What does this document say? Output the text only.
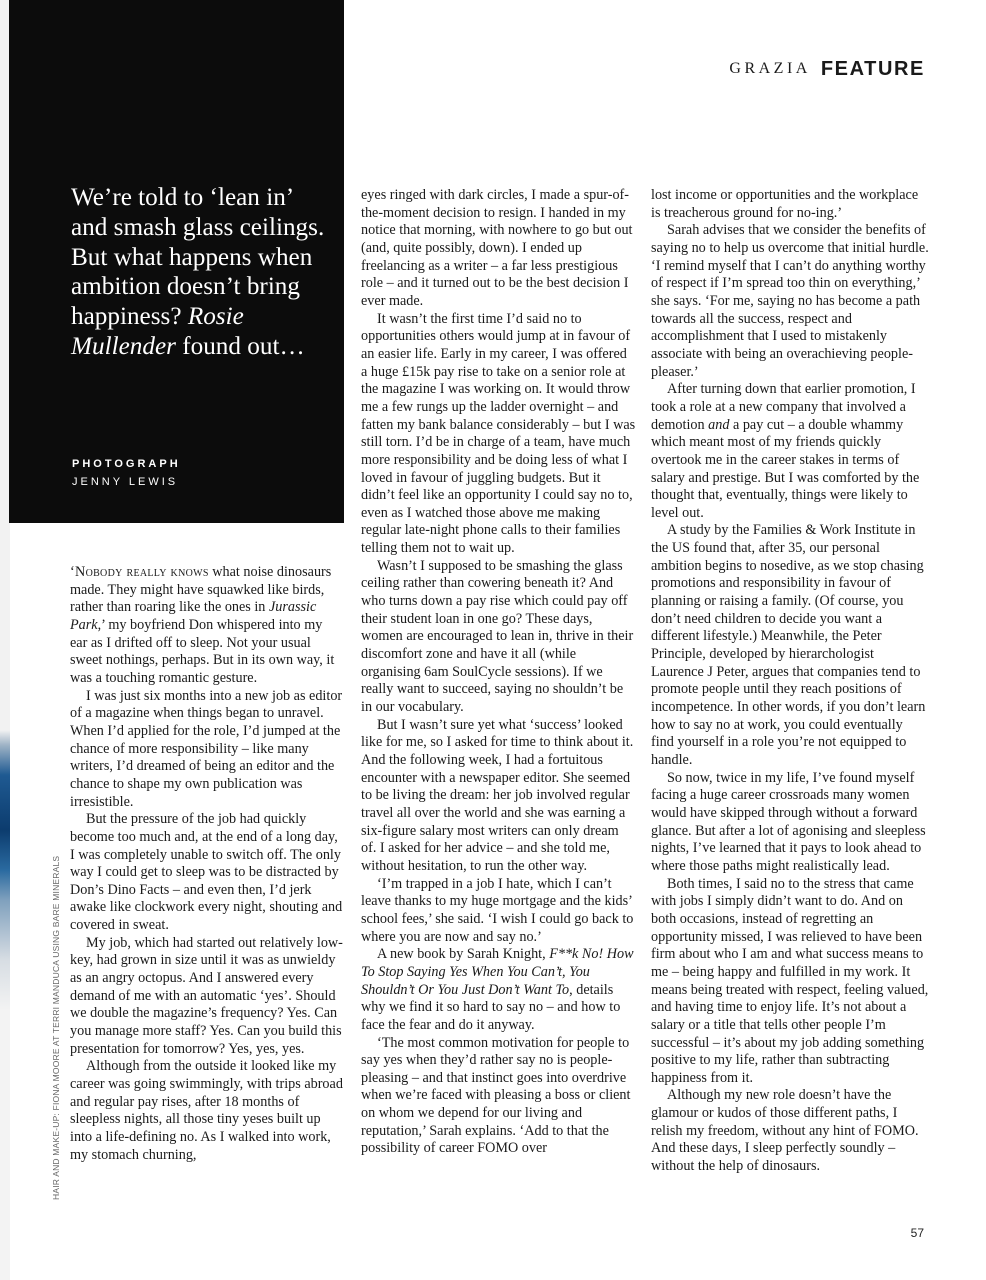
We’re told to ‘lean in’ and smash glass ceilings. But what happens when ambition doesn’t bring happiness? Rosie Mullender found out…
PHOTOGRAPH
JENNY LEWIS
GRAZIA FEATURE

‘Nobody really knows what noise dinosaurs made. They might have squawked like birds, rather than roaring like the ones in Jurassic Park,’ my boyfriend Don whispered into my ear as I drifted off to sleep. Not your usual sweet nothings, perhaps. But in its own way, it was a touching romantic gesture.

I was just six months into a new job as editor of a magazine when things began to unravel. When I’d applied for the role, I’d jumped at the chance of more responsibility – like many writers, I’d dreamed of being an editor and the chance to shape my own publication was irresistible.

But the pressure of the job had quickly become too much and, at the end of a long day, I was completely unable to switch off. The only way I could get to sleep was to be distracted by Don’s Dino Facts – and even then, I’d jerk awake like clockwork every night, shouting and covered in sweat.

My job, which had started out relatively low-key, had grown in size until it was as unwieldy as an angry octopus. And I answered every demand of me with an automatic ‘yes’. Should we double the magazine’s frequency? Yes. Can you manage more staff? Yes. Can you build this presentation for tomorrow? Yes, yes, yes.

Although from the outside it looked like my career was going swimmingly, with trips abroad and regular pay rises, after 18 months of sleepless nights, all those tiny yeses built up into a life-defining no. As I walked into work, my stomach churning,

eyes ringed with dark circles, I made a spur-of-the-moment decision to resign. I handed in my notice that morning, with nowhere to go but out (and, quite possibly, down). I ended up freelancing as a writer – a far less prestigious role – and it turned out to be the best decision I ever made.

It wasn’t the first time I’d said no to opportunities others would jump at in favour of an easier life. Early in my career, I was offered a huge £15k pay rise to take on a senior role at the magazine I was working on. It would throw me a few rungs up the ladder overnight – and fatten my bank balance considerably – but I was still torn. I’d be in charge of a team, have much more responsibility and be doing less of what I loved in favour of juggling budgets. But it didn’t feel like an opportunity I could say no to, even as I watched those above me making regular late-night phone calls to their families telling them not to wait up.

Wasn’t I supposed to be smashing the glass ceiling rather than cowering beneath it? And who turns down a pay rise which could pay off their student loan in one go? These days, women are encouraged to lean in, thrive in their discomfort zone and have it all (while organising 6am SoulCycle sessions). If we really want to succeed, saying no shouldn’t be in our vocabulary.

But I wasn’t sure yet what ‘success’ looked like for me, so I asked for time to think about it. And the following week, I had a fortuitous encounter with a newspaper editor. She seemed to be living the dream: her job involved regular travel all over the world and she was earning a six-figure salary most writers can only dream of. I asked for her advice – and she told me, without hesitation, to run the other way.

‘I’m trapped in a job I hate, which I can’t leave thanks to my huge mortgage and the kids’ school fees,’ she said. ‘I wish I could go back to where you are now and say no.’

A new book by Sarah Knight, F**k No! How To Stop Saying Yes When You Can’t, You Shouldn’t Or You Just Don’t Want To, details why we find it so hard to say no – and how to face the fear and do it anyway.

‘The most common motivation for people to say yes when they’d rather say no is people-pleasing – and that instinct goes into overdrive when we’re faced with pleasing a boss or client on whom we depend for our living and reputation,’ Sarah explains. ‘Add to that the possibility of career FOMO over

lost income or opportunities and the workplace is treacherous ground for no-ing.’

Sarah advises that we consider the benefits of saying no to help us overcome that initial hurdle. ‘I remind myself that I can’t do anything worthy of respect if I’m spread too thin on everything,’ she says. ‘For me, saying no has become a path towards all the success, respect and accomplishment that I used to mistakenly associate with being an overachieving people-pleaser.’

After turning down that earlier promotion, I took a role at a new company that involved a demotion and a pay cut – a double whammy which meant most of my friends quickly overtook me in the career stakes in terms of salary and prestige. But I was comforted by the thought that, eventually, things were likely to level out.

A study by the Families & Work Institute in the US found that, after 35, our personal ambition begins to nosedive, as we stop chasing promotions and responsibility in favour of planning or raising a family. (Of course, you don’t need children to decide you want a different lifestyle.) Meanwhile, the Peter Principle, developed by hierarchologist Laurence J Peter, argues that companies tend to promote people until they reach positions of incompetence. In other words, if you don’t learn how to say no at work, you could eventually find yourself in a role you’re not equipped to handle.

So now, twice in my life, I’ve found myself facing a huge career crossroads many women would have skipped through without a forward glance. But after a lot of agonising and sleepless nights, I’ve learned that it pays to look ahead to where those paths might realistically lead.

Both times, I said no to the stress that came with jobs I simply didn’t want to do. And on both occasions, instead of regretting an opportunity missed, I was relieved to have been firm about who I am and what success means to me – being happy and fulfilled in my work. It means being treated with respect, feeling valued, and having time to enjoy life. It’s not about a salary or a title that tells other people I’m successful – it’s about my job adding something positive to my life, rather than subtracting happiness from it.

Although my new role doesn’t have the glamour or kudos of those different paths, I relish my freedom, without any hint of FOMO. And these days, I sleep perfectly soundly – without the help of dinosaurs.

HAIR AND MAKE-UP: FIONA MOORE AT TERRI MANDUCA USING BARE MINERALS
57
